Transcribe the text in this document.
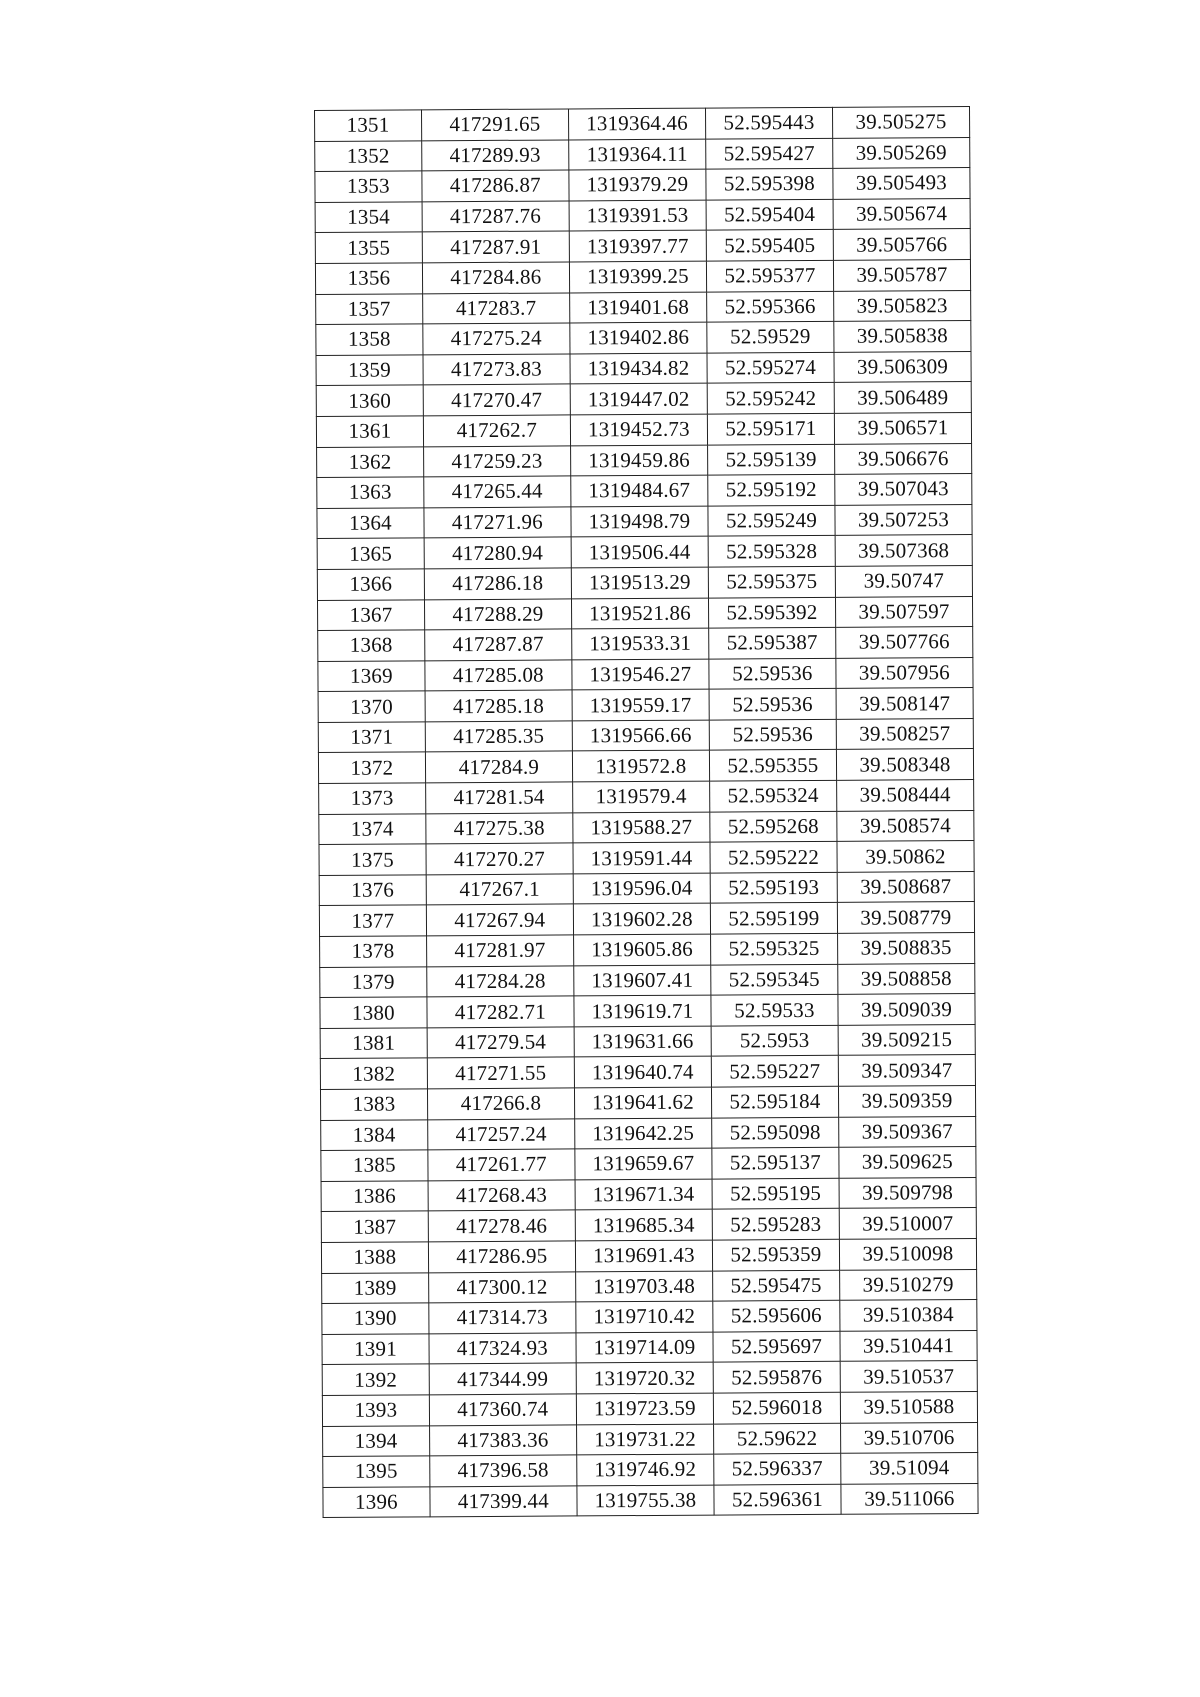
1351	417291.65	1319364.46	52.595443	39.505275
1352	417289.93	1319364.11	52.595427	39.505269
1353	417286.87	1319379.29	52.595398	39.505493
1354	417287.76	1319391.53	52.595404	39.505674
1355	417287.91	1319397.77	52.595405	39.505766
1356	417284.86	1319399.25	52.595377	39.505787
1357	417283.7	1319401.68	52.595366	39.505823
1358	417275.24	1319402.86	52.59529	39.505838
1359	417273.83	1319434.82	52.595274	39.506309
1360	417270.47	1319447.02	52.595242	39.506489
1361	417262.7	1319452.73	52.595171	39.506571
1362	417259.23	1319459.86	52.595139	39.506676
1363	417265.44	1319484.67	52.595192	39.507043
1364	417271.96	1319498.79	52.595249	39.507253
1365	417280.94	1319506.44	52.595328	39.507368
1366	417286.18	1319513.29	52.595375	39.50747
1367	417288.29	1319521.86	52.595392	39.507597
1368	417287.87	1319533.31	52.595387	39.507766
1369	417285.08	1319546.27	52.59536	39.507956
1370	417285.18	1319559.17	52.59536	39.508147
1371	417285.35	1319566.66	52.59536	39.508257
1372	417284.9	1319572.8	52.595355	39.508348
1373	417281.54	1319579.4	52.595324	39.508444
1374	417275.38	1319588.27	52.595268	39.508574
1375	417270.27	1319591.44	52.595222	39.50862
1376	417267.1	1319596.04	52.595193	39.508687
1377	417267.94	1319602.28	52.595199	39.508779
1378	417281.97	1319605.86	52.595325	39.508835
1379	417284.28	1319607.41	52.595345	39.508858
1380	417282.71	1319619.71	52.59533	39.509039
1381	417279.54	1319631.66	52.5953	39.509215
1382	417271.55	1319640.74	52.595227	39.509347
1383	417266.8	1319641.62	52.595184	39.509359
1384	417257.24	1319642.25	52.595098	39.509367
1385	417261.77	1319659.67	52.595137	39.509625
1386	417268.43	1319671.34	52.595195	39.509798
1387	417278.46	1319685.34	52.595283	39.510007
1388	417286.95	1319691.43	52.595359	39.510098
1389	417300.12	1319703.48	52.595475	39.510279
1390	417314.73	1319710.42	52.595606	39.510384
1391	417324.93	1319714.09	52.595697	39.510441
1392	417344.99	1319720.32	52.595876	39.510537
1393	417360.74	1319723.59	52.596018	39.510588
1394	417383.36	1319731.22	52.59622	39.510706
1395	417396.58	1319746.92	52.596337	39.51094
1396	417399.44	1319755.38	52.596361	39.511066
